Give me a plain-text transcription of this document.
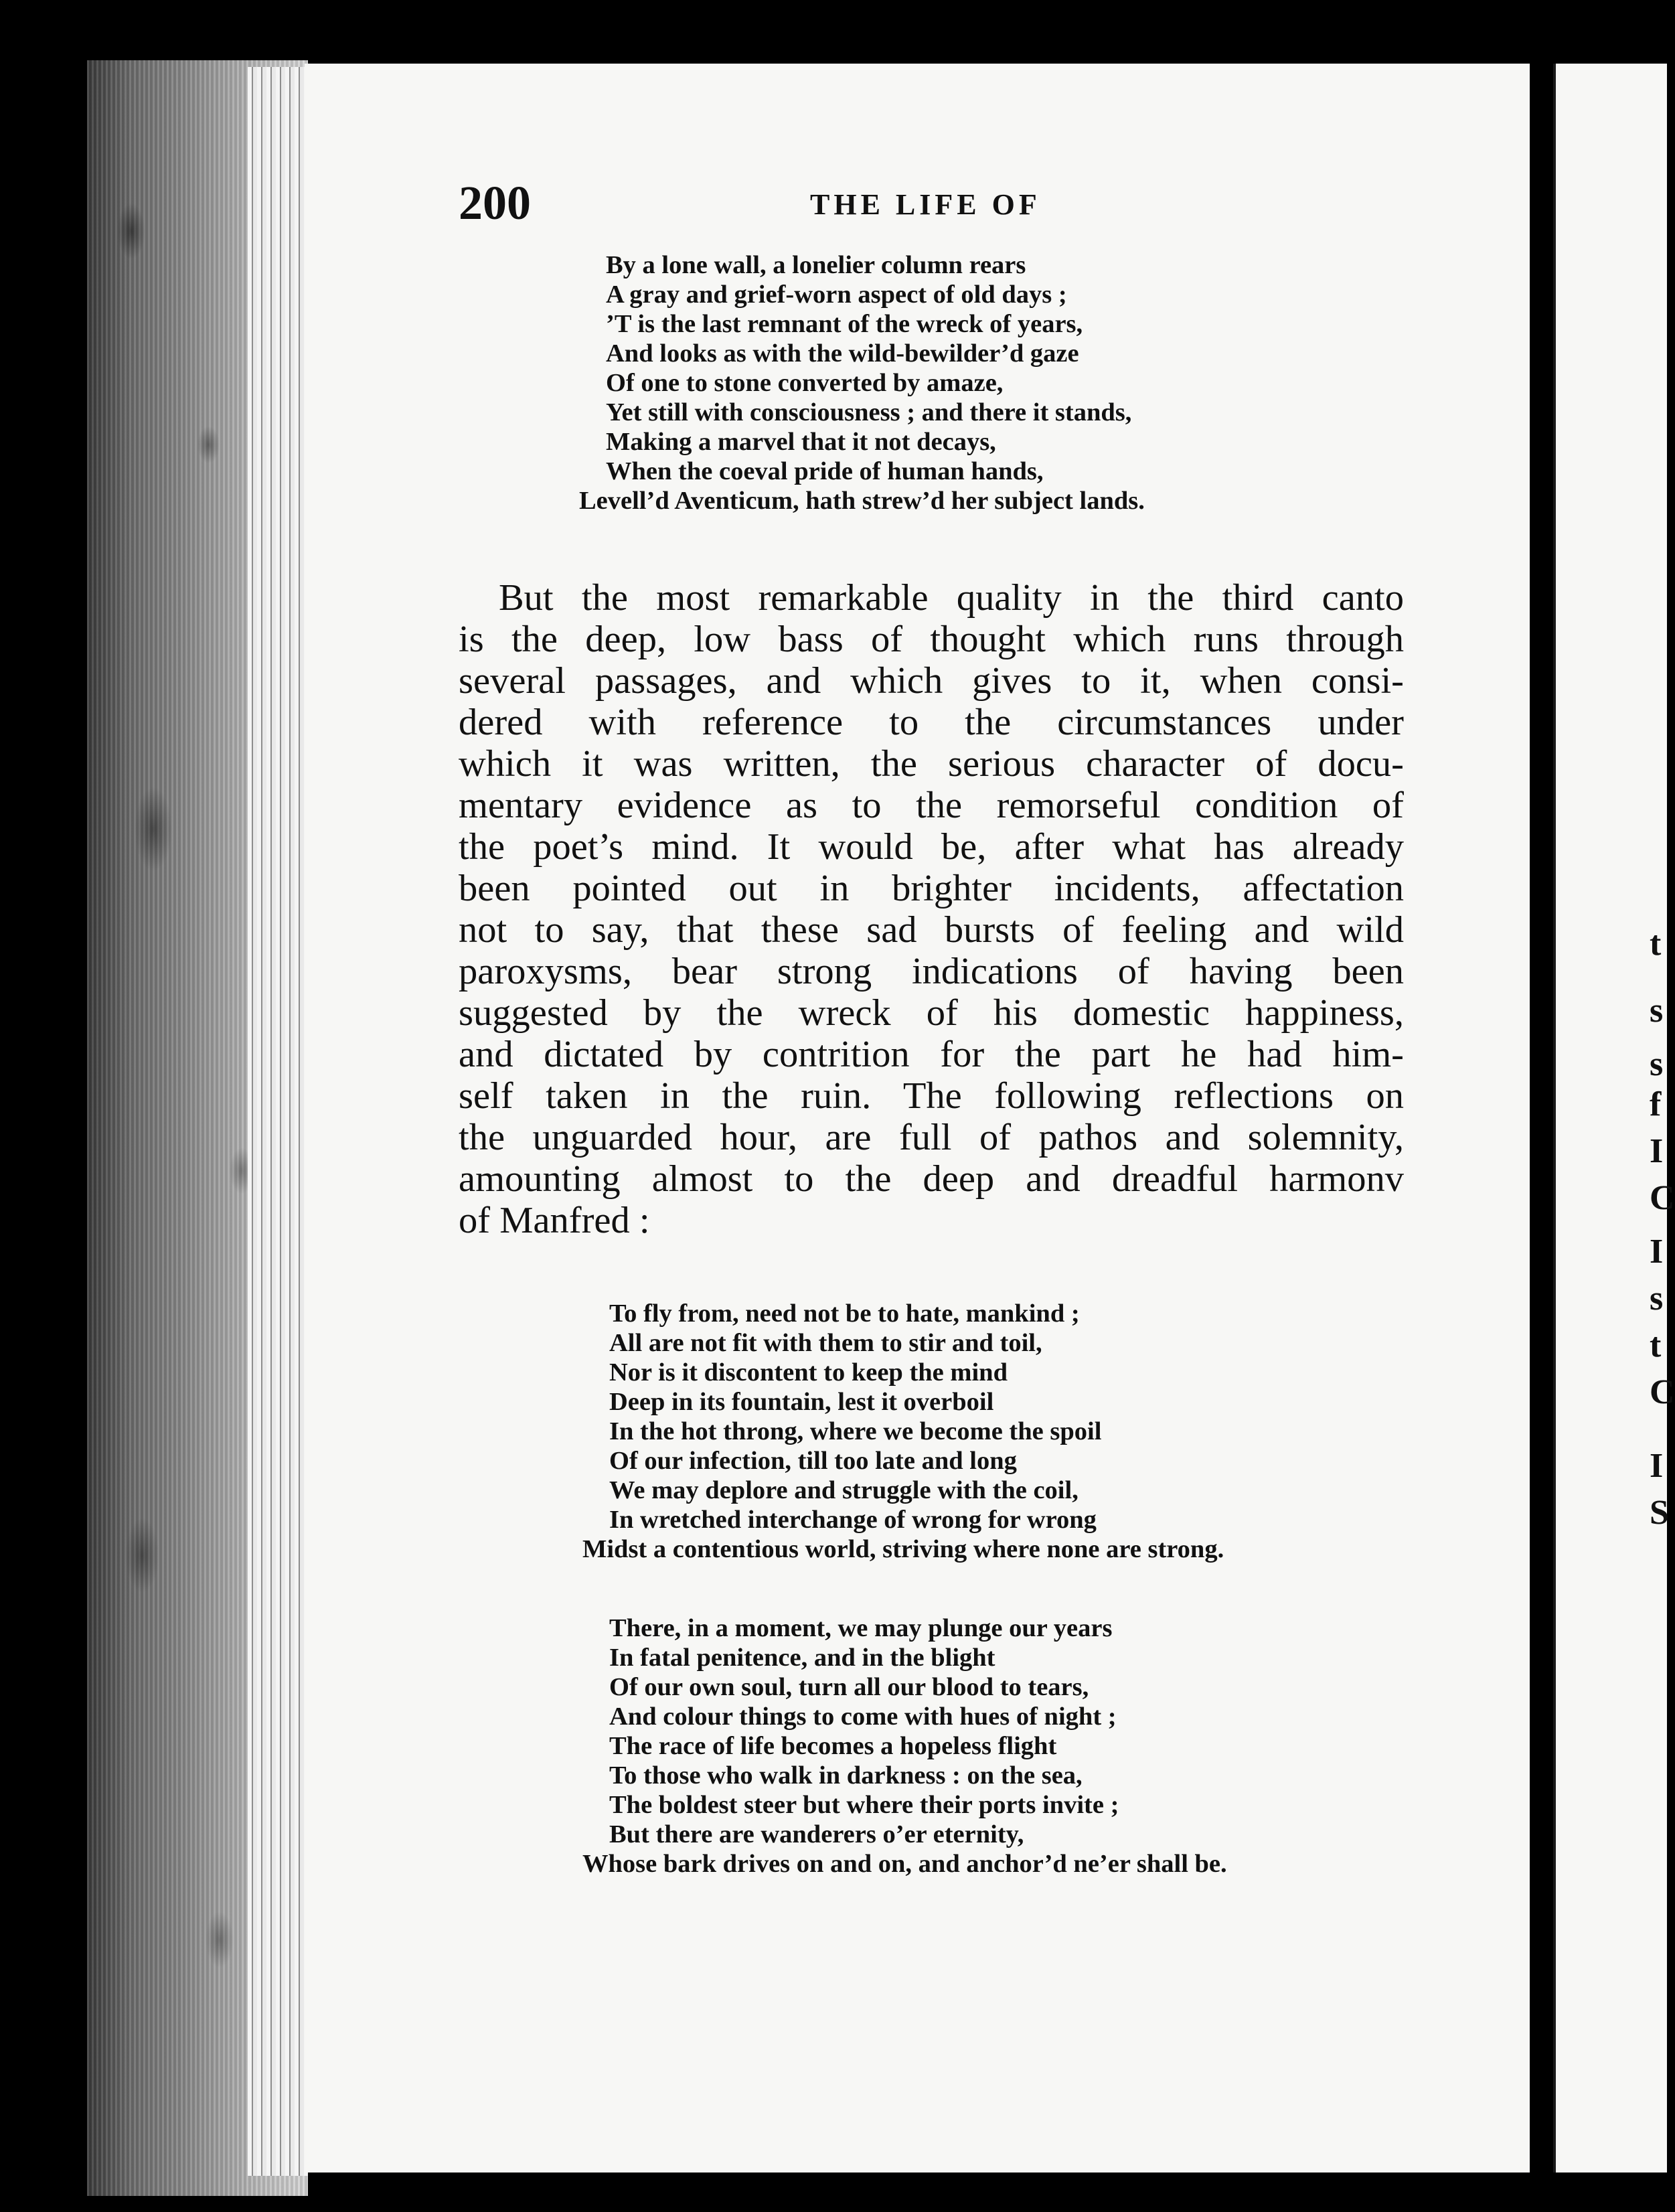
t
s
s
f
I
C
I
s
t
C
I
S
200	THE LIFE OF
By a lone wall, a lonelier column rears
A gray and grief-worn aspect of old days ;
’T is the last remnant of the wreck of years,
And looks as with the wild-bewilder’d gaze
Of one to stone converted by amaze,
Yet still with consciousness ; and there it stands,
Making a marvel that it not decays,
When the coeval pride of human hands,
Levell’d Aventicum, hath strew’d her subject lands.
But the most remarkable quality in the third canto
is the deep, low bass of thought which runs through
several passages, and which gives to it, when consi-
dered with reference to the circumstances under
which it was written, the serious character of docu-
mentary evidence as to the remorseful condition of
the poet’s mind. It would be, after what has already
been pointed out in brighter incidents, affectation
not to say, that these sad bursts of feeling and wild
paroxysms, bear strong indications of having been
suggested by the wreck of his domestic happiness,
and dictated by contrition for the part he had him-
self taken in the ruin. The following reflections on
the unguarded hour, are full of pathos and solemnity,
amounting almost to the deep and dreadful harmonv
of Manfred :
To fly from, need not be to hate, mankind ;
All are not fit with them to stir and toil,
Nor is it discontent to keep the mind
Deep in its fountain, lest it overboil
In the hot throng, where we become the spoil
Of our infection, till too late and long
We may deplore and struggle with the coil,
In wretched interchange of wrong for wrong
Midst a contentious world, striving where none are strong.
There, in a moment, we may plunge our years
In fatal penitence, and in the blight
Of our own soul, turn all our blood to tears,
And colour things to come with hues of night ;
The race of life becomes a hopeless flight
To those who walk in darkness : on the sea,
The boldest steer but where their ports invite ;
But there are wanderers o’er eternity,
Whose bark drives on and on, and anchor’d ne’er shall be.
